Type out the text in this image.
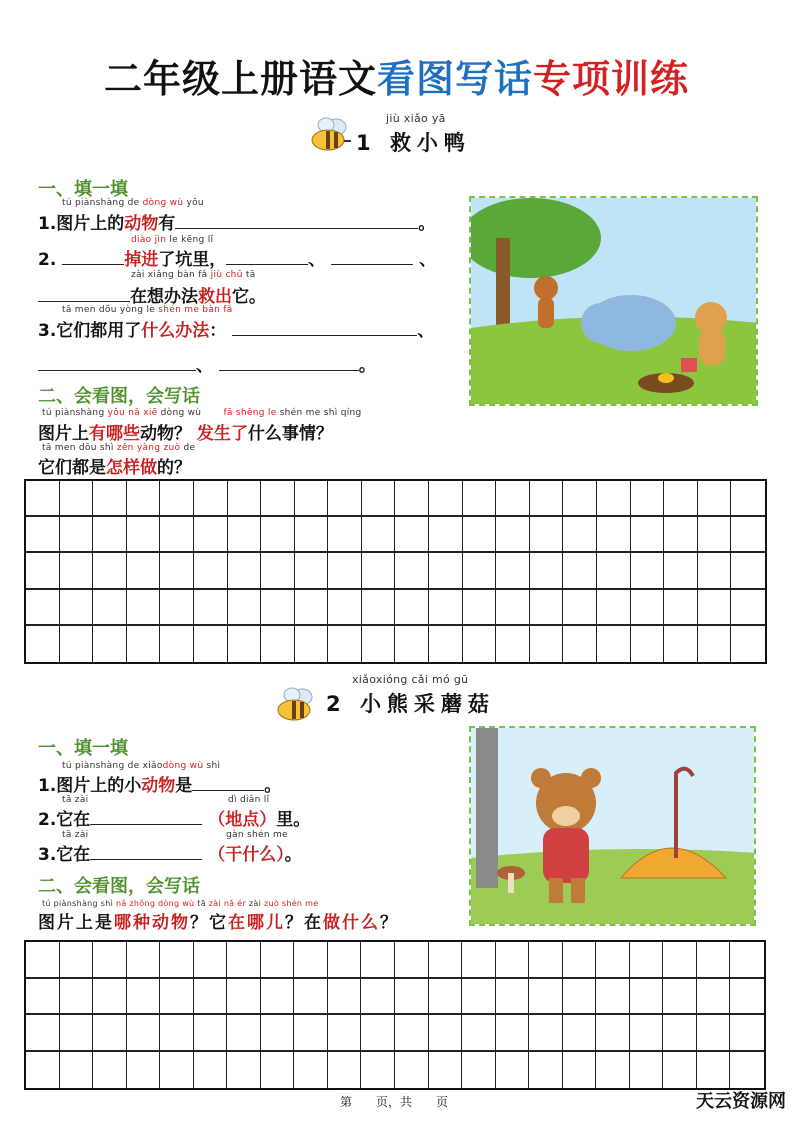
二年级上册语文看图写话专项训练
jiù xiǎo yā
1 救小鸭
一、填一填
tú piànshàng de dòng wù yǒu
1.图片上的动物有	。
diào jìn le kēng lǐ
2.	掉进了坑里，	、	、
zài xiǎng bàn fǎ jiù chū tā
在想办法救出它。
tā men dōu yòng le shén me bàn fǎ
3.它们都用了什么办法：	、
、	。
二、会看图，会写话
tú piànshàng yǒu nǎ xiē dòng wù fā shēng le shén me shì qíng
图片上有哪些动物？ 发生了什么事情？
tā men dōu shì zěn yàng zuò de
它们都是怎样做的？
xiǎoxióng cǎi mó gū
2 小熊采蘑菇
一、填一填
tú piànshàng de xiǎodòng wù shì
1.图片上的小动物是	。
tā zài	dì diǎn lǐ
2.它在	（地点）里。
tā zài	gàn shén me
3.它在	（干什么）。
二、会看图，会写话
tú piànshàng shì nǎ zhǒng dòng wù tā zài nǎ ér zài zuò shén me
图片上是哪种动物？它在哪儿？在做什么？
第　　页，共　　页	天云资源网
